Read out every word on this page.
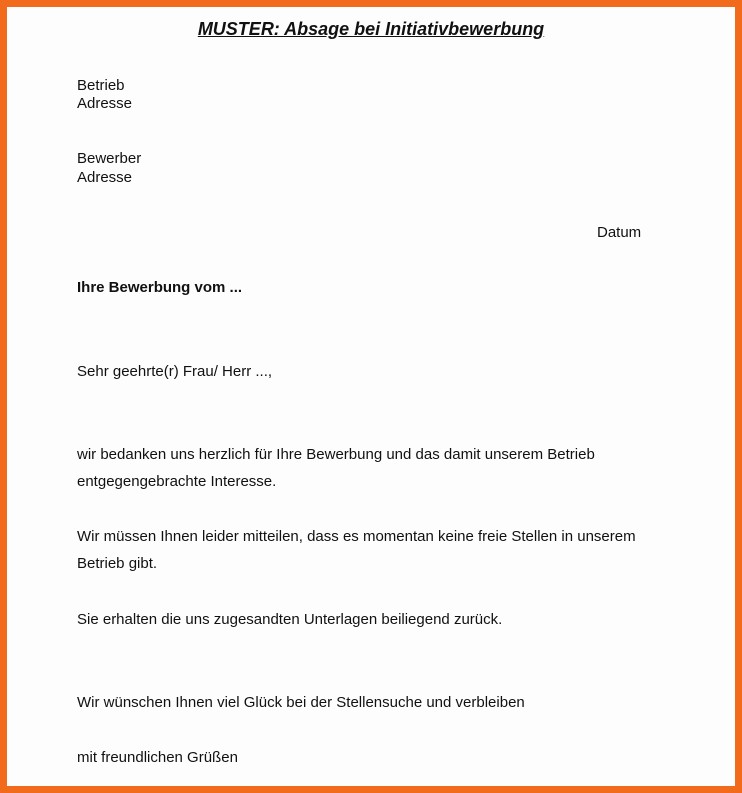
MUSTER: Absage bei Initiativbewerbung
Betrieb
Adresse
Bewerber
Adresse
Datum
Ihre Bewerbung vom ...
Sehr geehrte(r) Frau/ Herr ...,
wir bedanken uns herzlich für Ihre Bewerbung und das damit unserem Betrieb
entgegengebrachte Interesse.
Wir müssen Ihnen leider mitteilen, dass es momentan keine freie Stellen in unserem
Betrieb gibt.
Sie erhalten die uns zugesandten Unterlagen beiliegend zurück.
Wir wünschen Ihnen viel Glück bei der Stellensuche und verbleiben
mit freundlichen Grüßen
